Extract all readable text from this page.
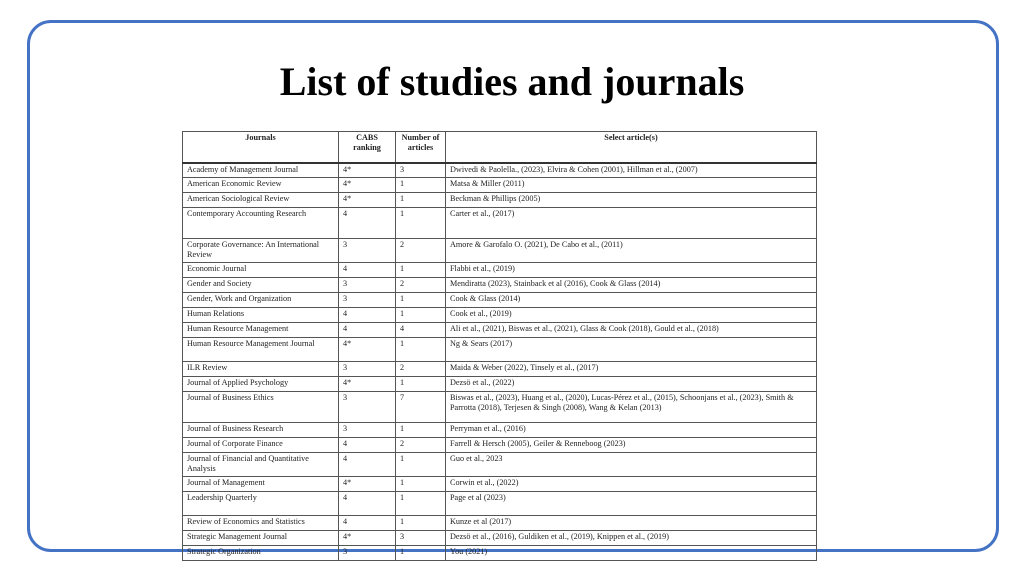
List of studies and journals
Journals	CABS ranking	Number of articles	Select article(s)
Academy of Management Journal	4*	3	Dwivedi & Paolella., (2023), Elvira & Cohen (2001), Hillman et al., (2007)
American Economic Review	4*	1	Matsa & Miller (2011)
American Sociological Review	4*	1	Beckman & Phillips (2005)
Contemporary Accounting Research	4	1	Carter et al., (2017)
Corporate Governance: An International Review	3	2	Amore & Garofalo O. (2021), De Cabo et al., (2011)
Economic Journal	4	1	Flabbi et al., (2019)
Gender and Society	3	2	Mendiratta (2023), Stainback et al (2016), Cook & Glass (2014)
Gender, Work and Organization	3	1	Cook & Glass (2014)
Human Relations	4	1	Cook et al., (2019)
Human Resource Management	4	4	Ali et al., (2021), Biswas et al., (2021), Glass & Cook (2018), Gould et al., (2018)
Human Resource Management Journal	4*	1	Ng & Sears (2017)
ILR Review	3	2	Maida & Weber (2022), Tinsely et al., (2017)
Journal of Applied Psychology	4*	1	Dezsö et al., (2022)
Journal of Business Ethics	3	7	Biswas et al., (2023), Huang et al., (2020), Lucas-Pérez et al., (2015), Schoonjans et al., (2023), Smith & Parrotta (2018), Terjesen & Singh (2008), Wang & Kelan (2013)
Journal of Business Research	3	1	Perryman et al., (2016)
Journal of Corporate Finance	4	2	Farrell & Hersch (2005), Geiler & Renneboog (2023)
Journal of Financial and Quantitative Analysis	4	1	Guo et al., 2023
Journal of Management	4*	1	Corwin et al., (2022)
Leadership Quarterly	4	1	Page et al (2023)
Review of Economics and Statistics	4	1	Kunze et al (2017)
Strategic Management Journal	4*	3	Dezsö et al., (2016), Guldiken et al., (2019), Knippen et al., (2019)
Strategic Organization	3	1	You (2021)
